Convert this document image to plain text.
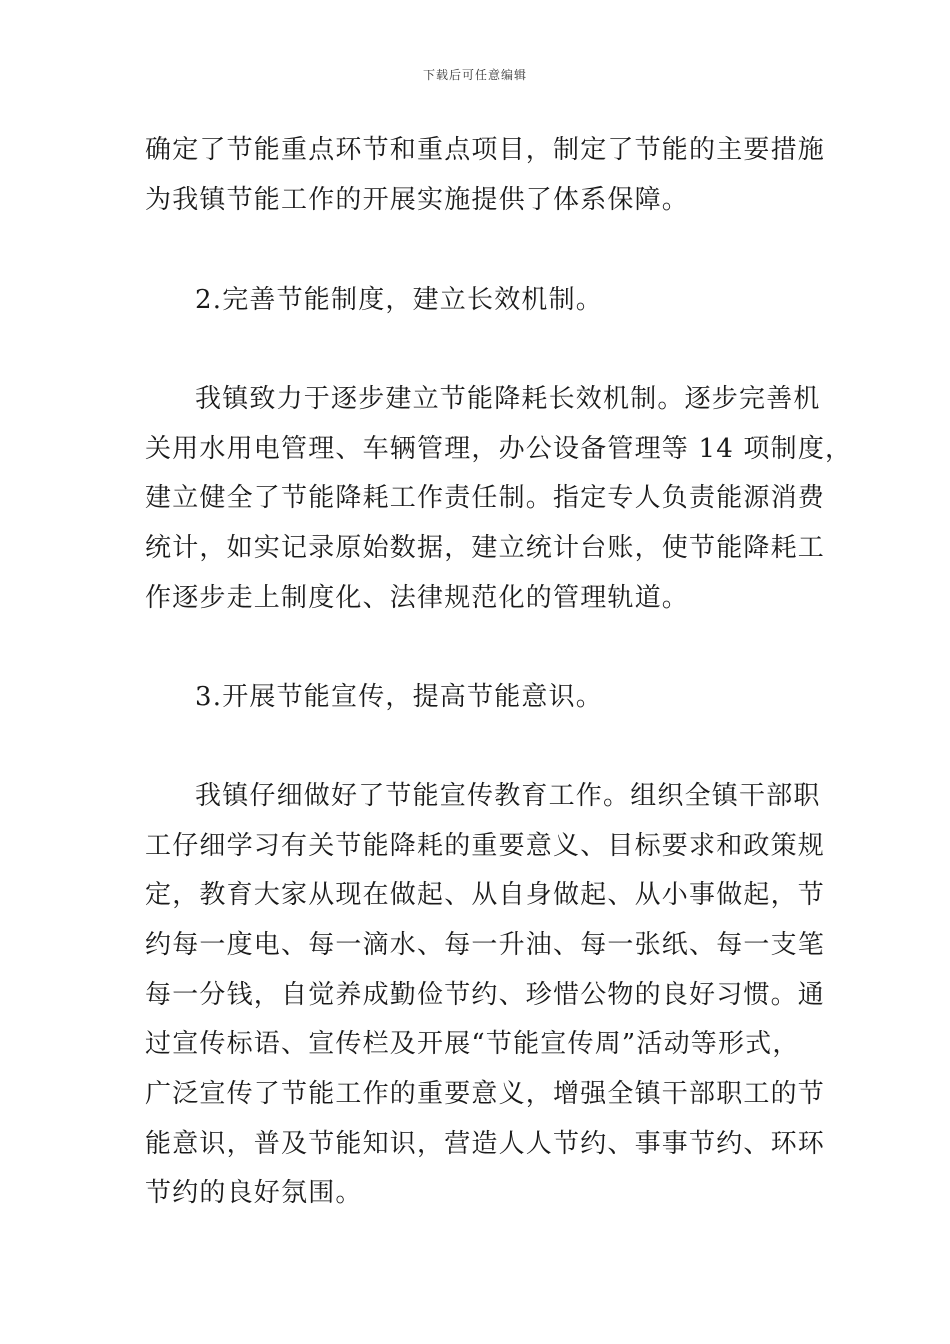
下载后可任意编辑
确定了节能重点环节和重点项目，制定了节能的主要措施
为我镇节能工作的开展实施提供了体系保障。
2.完善节能制度，建立长效机制。
我镇致力于逐步建立节能降耗长效机制。逐步完善机
关用水用电管理、车辆管理，办公设备管理等 14 项制度，
建立健全了节能降耗工作责任制。指定专人负责能源消费
统计，如实记录原始数据，建立统计台账，使节能降耗工
作逐步走上制度化、法律规范化的管理轨道。
3.开展节能宣传，提高节能意识。
我镇仔细做好了节能宣传教育工作。组织全镇干部职
工仔细学习有关节能降耗的重要意义、目标要求和政策规
定，教育大家从现在做起、从自身做起、从小事做起，节
约每一度电、每一滴水、每一升油、每一张纸、每一支笔
每一分钱，自觉养成勤俭节约、珍惜公物的良好习惯。通
过宣传标语、宣传栏及开展“节能宣传周”活动等形式，
广泛宣传了节能工作的重要意义，增强全镇干部职工的节
能意识，普及节能知识，营造人人节约、事事节约、环环
节约的良好氛围。
